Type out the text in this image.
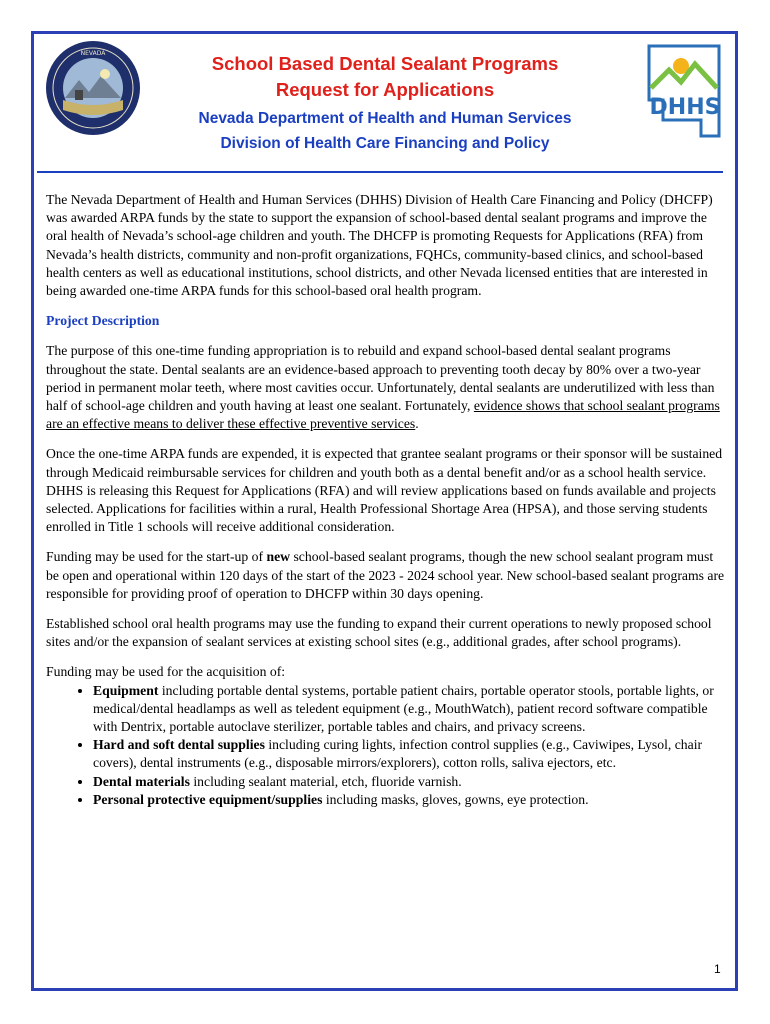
NEVADA
DHHS
School Based Dental Sealant Programs
Request for Applications
Nevada Department of Health and Human Services
Division of Health Care Financing and Policy

The Nevada Department of Health and Human Services (DHHS) Division of Health Care Financing and Policy (DHCFP) was awarded ARPA funds by the state to support the expansion of school-based dental sealant programs and improve the oral health of Nevada’s school-age children and youth. The DHCFP is promoting Requests for Applications (RFA) from Nevada’s health districts, community and non-profit organizations, FQHCs, community-based clinics, and school-based health centers as well as educational institutions, school districts, and other Nevada licensed entities that are interested in being awarded one-time ARPA funds for this school-based oral health program.

Project Description

The purpose of this one-time funding appropriation is to rebuild and expand school-based dental sealant programs throughout the state. Dental sealants are an evidence-based approach to preventing tooth decay by 80% over a two-year period in permanent molar teeth, where most cavities occur. Unfortunately, dental sealants are underutilized with less than half of school-age children and youth having at least one sealant. Fortunately, evidence shows that school sealant programs are an effective means to deliver these effective preventive services.

Once the one-time ARPA funds are expended, it is expected that grantee sealant programs or their sponsor will be sustained through Medicaid reimbursable services for children and youth both as a dental benefit and/or as a school health service. DHHS is releasing this Request for Applications (RFA) and will review applications based on funds available and projects selected. Applications for facilities within a rural, Health Professional Shortage Area (HPSA), and those serving students enrolled in Title 1 schools will receive additional consideration.

Funding may be used for the start-up of new school-based sealant programs, though the new school sealant program must be open and operational within 120 days of the start of the 2023 - 2024 school year. New school-based sealant programs are responsible for providing proof of operation to DHCFP within 30 days opening.

Established school oral health programs may use the funding to expand their current operations to newly proposed school sites and/or the expansion of sealant services at existing school sites (e.g., additional grades, after school programs).

Funding may be used for the acquisition of:
• Equipment including portable dental systems, portable patient chairs, portable operator stools, portable lights, or medical/dental headlamps as well as teledent equipment (e.g., MouthWatch), patient record software compatible with Dentrix, portable autoclave sterilizer, portable tables and chairs, and privacy screens.
• Hard and soft dental supplies including curing lights, infection control supplies (e.g., Caviwipes, Lysol, chair covers), dental instruments (e.g., disposable mirrors/explorers), cotton rolls, saliva ejectors, etc.
• Dental materials including sealant material, etch, fluoride varnish.
• Personal protective equipment/supplies including masks, gloves, gowns, eye protection.
1
